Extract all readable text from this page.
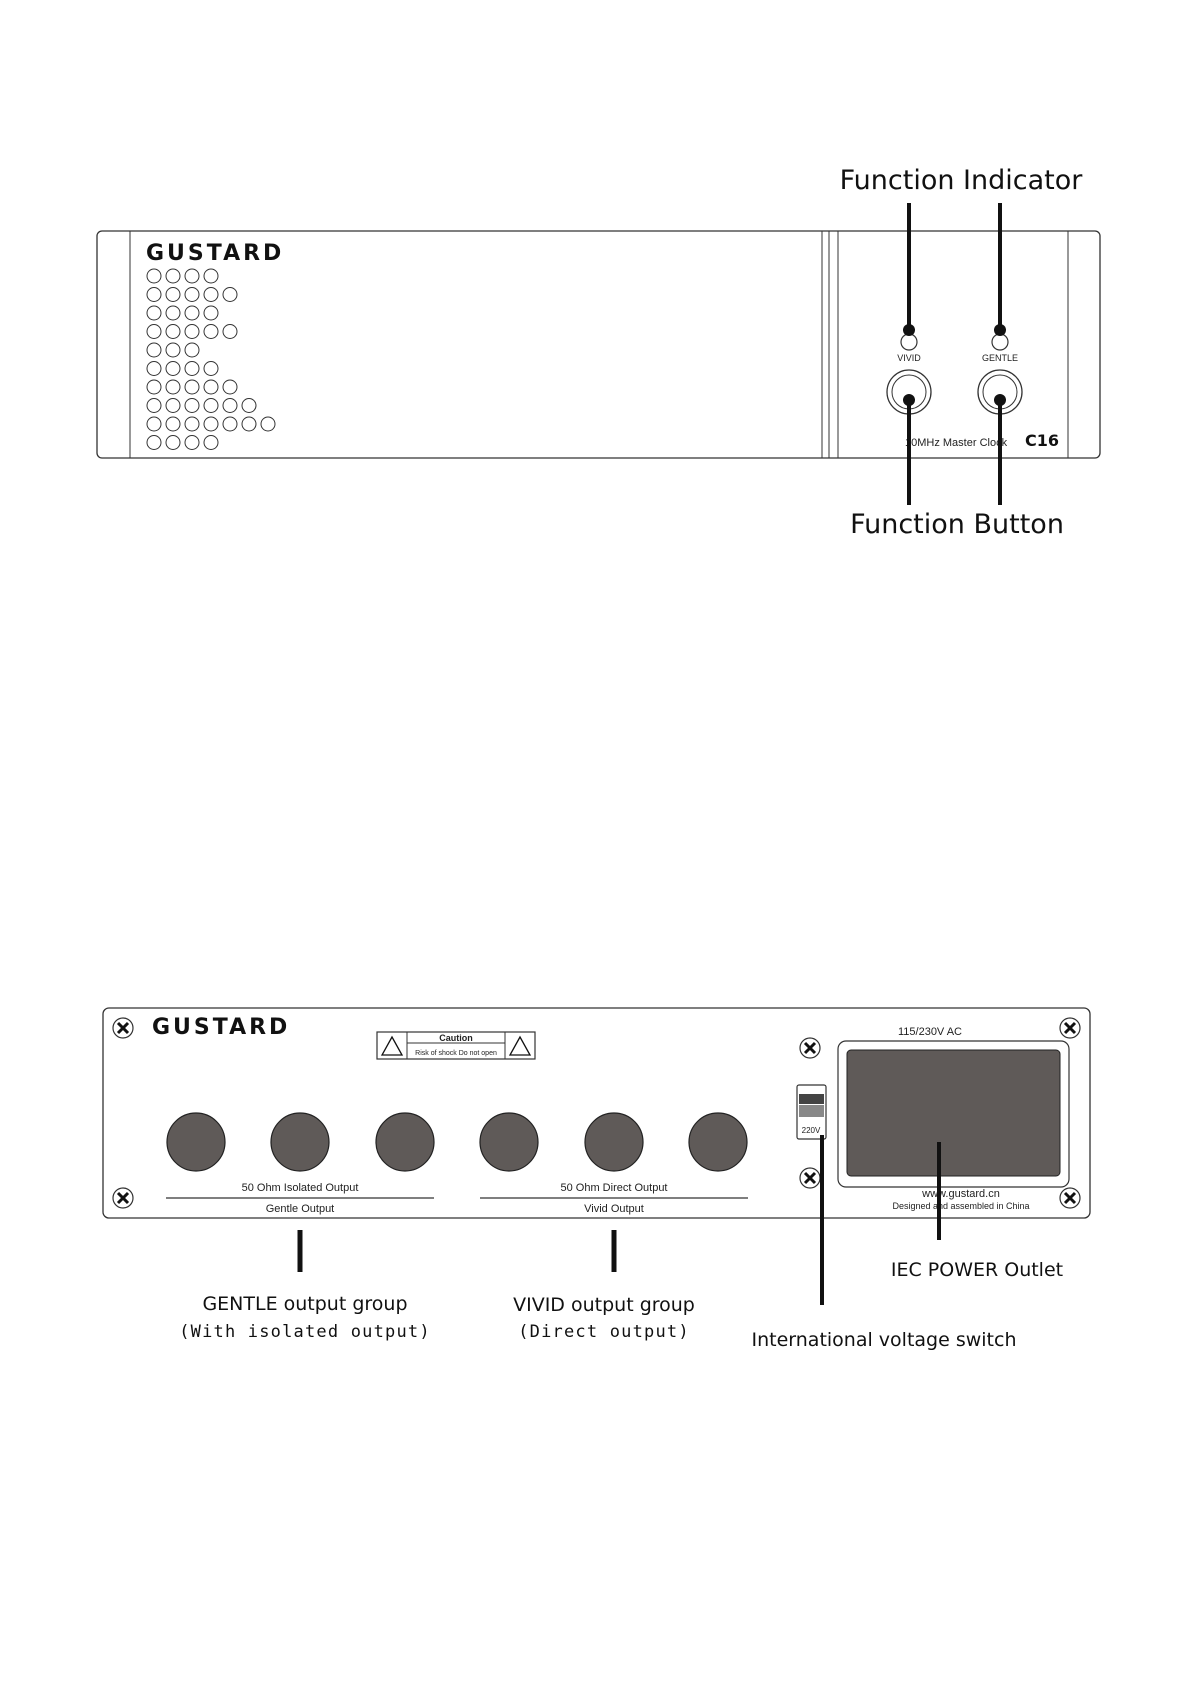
GUSTARD
VIVID	GENTLE
10MHz Master Clock C16
Function Indicator
Function Button
GUSTARD	Caution
Risk of shock Do not open
50 Ohm Isolated Output
Gentle Output
50 Ohm Direct Output
Vivid Output
220V
115/230V AC
www.gustard.cn
Designed and assembled in China
GENTLE output group
(With isolated output)
VIVID output group
(Direct output)	International voltage switch
IEC POWER Outlet
